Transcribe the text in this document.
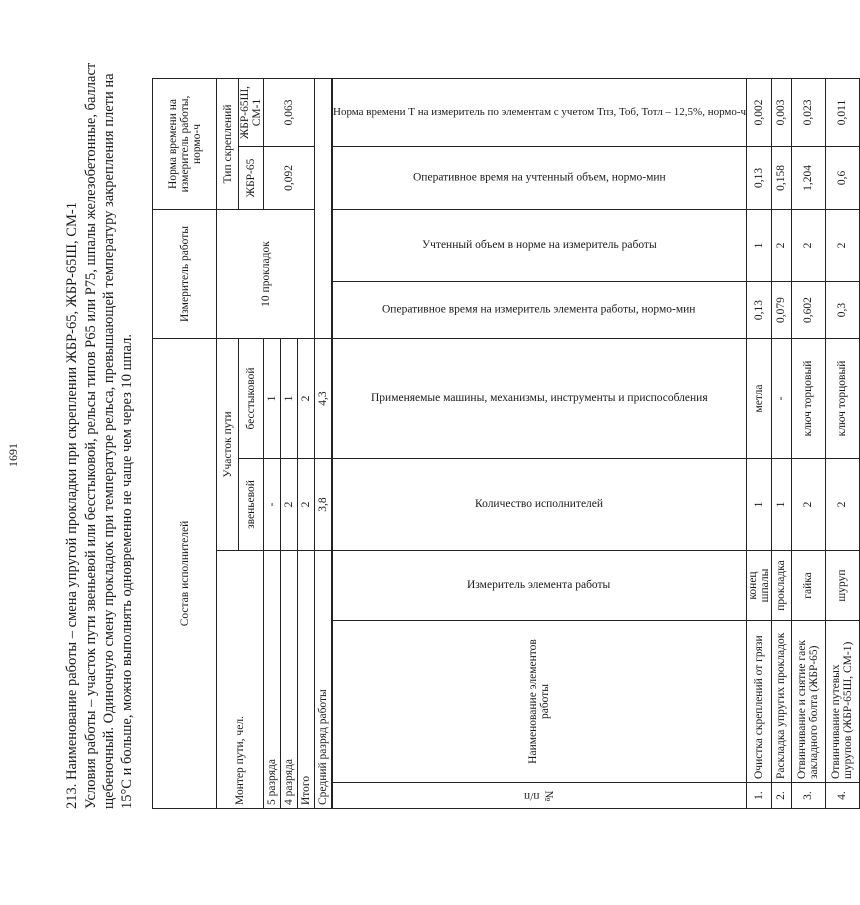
1691	213. Наименование работы – смена упругой прокладки при скреплении ЖБР-65, ЖБР-65Ш, СМ-1 Условия работы – участок пути звеньевой или бесстыковой, рельсы типов Р65 или Р75, шпалы железобетонные, балласт щебеночный. Одиночную смену прокладок при температуре рельса, превышающей температуру закрепления плети на 15°С и больше, можно выполнять одновременно не чаще чем через 10 шпал.	Состав исполнителей					Измеритель работы		Норма времени на измеритель работы, нормо-ч	
Монтер пути, чел.			Участок пути		10 прокладок		Тип скреплений	
			звеньевой	бесстыковой			ЖБР-65	ЖБР-65Ш, СМ-1
5 разряда			-	1			0,092	0,063
4 разряда			2	1				
Итого			2	2				
Средний разряд работы			3,8	4,3				

№ п/п	Наименование элементов работы	Измеритель элемента работы	Количество исполнителей	Применяемые машины, механизмы, инструменты и приспособления	Оперативное время на измеритель элемента работы, нормо-мин	Учтенный объем в норме на измеритель работы	Оперативное время на учтенный объем, нормо-мин	Норма времени Т на измеритель по элементам с учетом Тпз, Тоб, Тотл – 12,5%, нормо-ч

1.	Очистка скреплений от грязи	конец шпалы	1	метла	0,13	1	0,13	0,002
2.	Раскладка упругих прокладок	прокладка	1	-	0,079	2	0,158	0,003
3.	Отвинчивание и снятие гаек закладного болта (ЖБР-65)	гайка	2	ключ торцовый	0,602	2	1,204	0,023
4.	Отвинчивание путевых шурупов (ЖБР-65Ш, СМ-1)	шуруп	2	ключ торцовый	0,3	2	0,6	0,011
